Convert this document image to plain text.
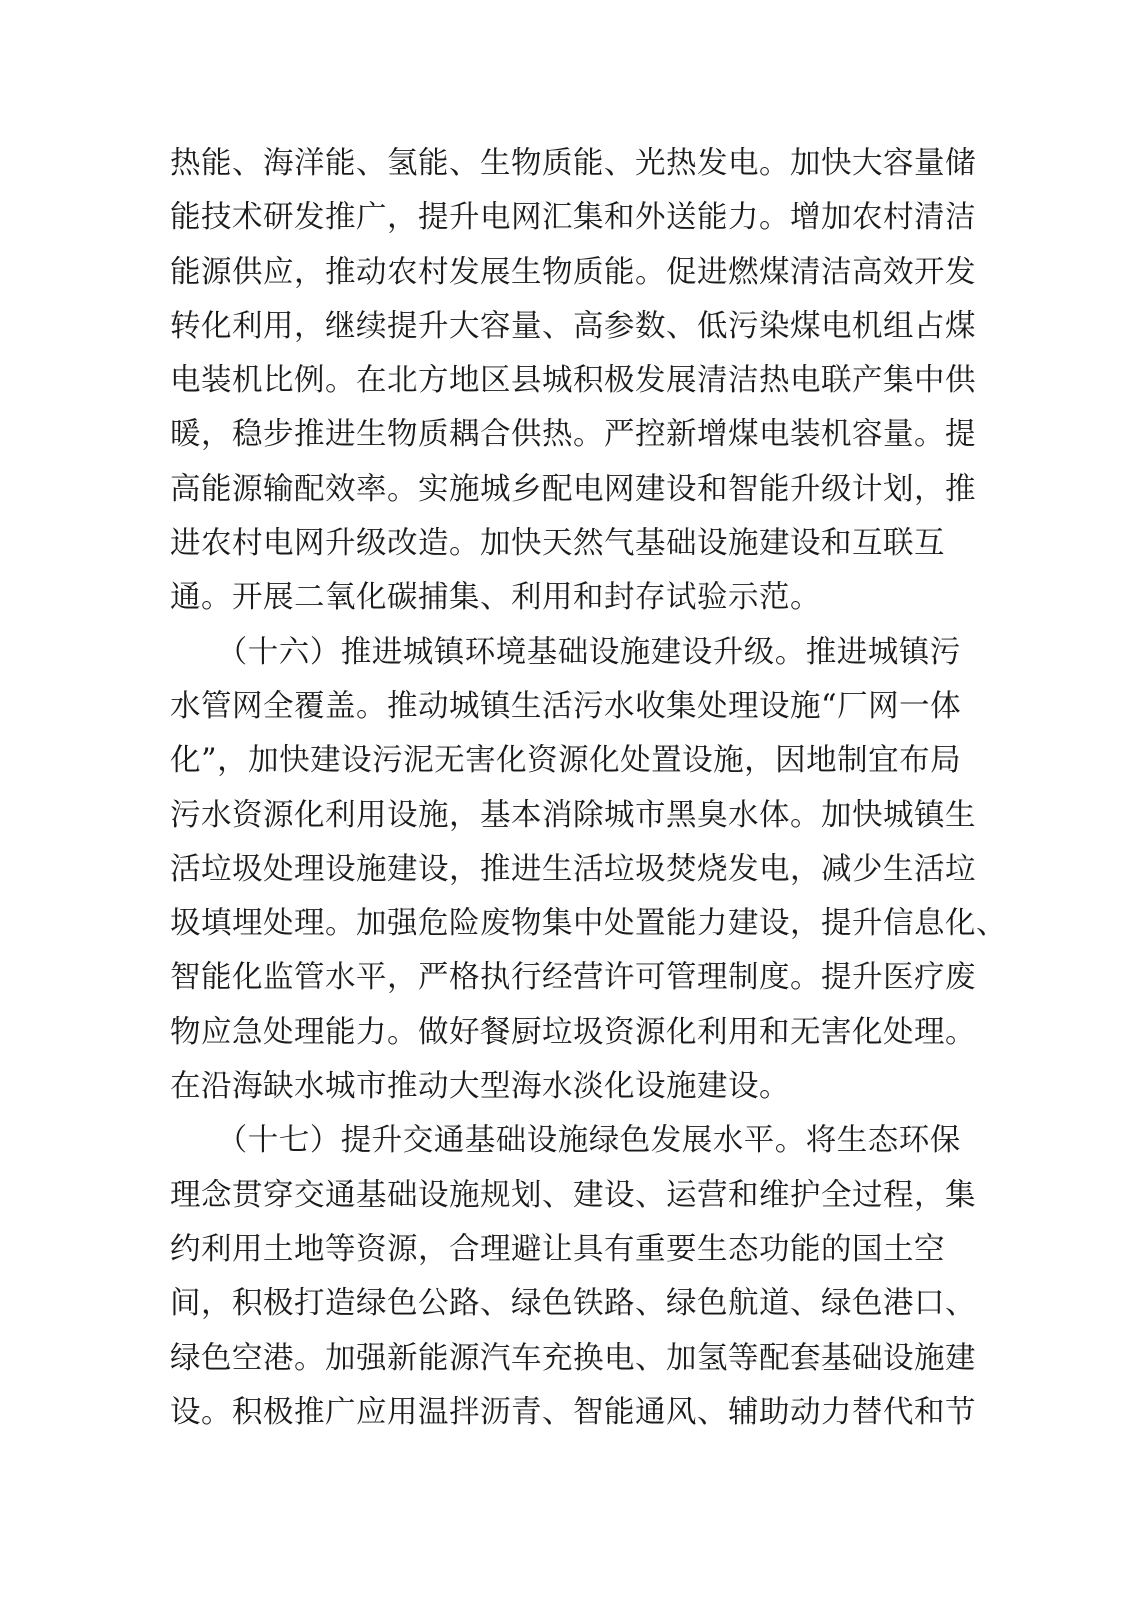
热能、海洋能、氢能、生物质能、光热发电。加快大容量储
能技术研发推广，提升电网汇集和外送能力。增加农村清洁
能源供应，推动农村发展生物质能。促进燃煤清洁高效开发
转化利用，继续提升大容量、高参数、低污染煤电机组占煤
电装机比例。在北方地区县城积极发展清洁热电联产集中供
暖，稳步推进生物质耦合供热。严控新增煤电装机容量。提
高能源输配效率。实施城乡配电网建设和智能升级计划，推
进农村电网升级改造。加快天然气基础设施建设和互联互
通。开展二氧化碳捕集、利用和封存试验示范。
　　（十六）推进城镇环境基础设施建设升级。推进城镇污
水管网全覆盖。推动城镇生活污水收集处理设施“厂网一体
化”，加快建设污泥无害化资源化处置设施，因地制宜布局
污水资源化利用设施，基本消除城市黑臭水体。加快城镇生
活垃圾处理设施建设，推进生活垃圾焚烧发电，减少生活垃
圾填埋处理。加强危险废物集中处置能力建设，提升信息化、
智能化监管水平，严格执行经营许可管理制度。提升医疗废
物应急处理能力。做好餐厨垃圾资源化利用和无害化处理。
在沿海缺水城市推动大型海水淡化设施建设。
　　（十七）提升交通基础设施绿色发展水平。将生态环保
理念贯穿交通基础设施规划、建设、运营和维护全过程，集
约利用土地等资源，合理避让具有重要生态功能的国土空
间，积极打造绿色公路、绿色铁路、绿色航道、绿色港口、
绿色空港。加强新能源汽车充换电、加氢等配套基础设施建
设。积极推广应用温拌沥青、智能通风、辅助动力替代和节
